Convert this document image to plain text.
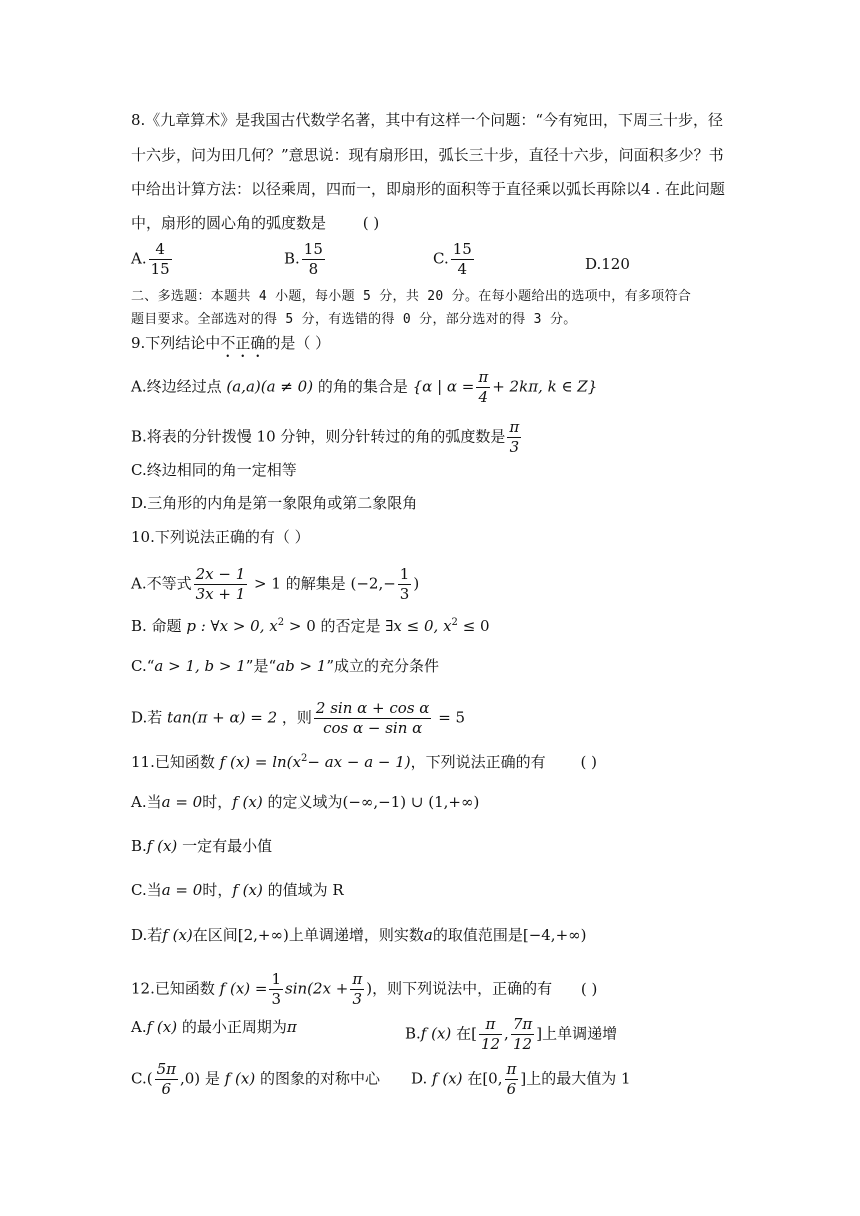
8.《九章算术》是我国古代数学名著，其中有这样一个问题：“今有宛田，下周三十步，径
十六步，问为田几何？”意思说：现有扇形田，弧长三十步，直径十六步，问面积多少？书
中给出计算方法：以径乘周，四而一，即扇形的面积等于直径乘以弧长再除以4 . 在此问题
中，扇形的圆心角的弧度数是 ( )
A. $\frac{4}{15}$	B. $\frac{15}{8}$	C. $\frac{15}{4}$	D.120
二、多选题：本题共 4 小题，每小题 5 分，共 20 分。在每小题给出的选项中，有多项符合
题目要求。全部选对的得 5 分，有选错的得 0 分，部分选对的得 3 分。
9.下列结论中不正确的是（ ）
A.终边经过点 (a,a)(a ≠ 0) 的角的集合是 {α | $\alpha = \frac{\pi}{4} + 2k\pi$, k ∈ Z}
B.将表的分针拨慢 10 分钟，则分针转过的角的弧度数是 $\frac{\pi}{3}$
C.终边相同的角一定相等
D.三角形的内角是第一象限角或第二象限角
10.下列说法正确的有（ ）
A.不等式 $\frac{2x - 1}{3x + 1} > 1$ 的解集是 ($-2,- \frac{1}{3}$ )
B. 命题 p : ∀x > 0, $x^2 > 0$ 的否定是 ∃x ≤ 0, $x^2 \le 0$
C.“a > 1, b > 1”是“ab > 1”成立的充分条件
D.若 tan(π + α) = 2 ，则 $\frac{\text{2 sin α + cos α}}{\text{cos α − sin α}} = 5$
11.已知函数 f $(x) = \ln(x^2-$ ax − a − 1)，下列说法正确的有 ( )
A.当a = 0时，f (x) 的定义域为(−∞,−1) ∪ (1,+∞)
B.f (x) 一定有最小值
C.当a = 0时，f (x) 的值域为 R
D.若f (x)在区间[2,+∞)上单调递增，则实数a的取值范围是[−4,+∞)
12.已知函数 f $(x) = \frac{1}{3} \sin(2x + \frac{\pi}{3}$ )，则下列说法中，正确的有 ( )
A.f (x) 的最小正周期为π	B.f (x) 在[ $\frac{\pi}{12}$ , $\frac{7\pi}{12}$ ]上单调递增
$C.( \frac{5\pi}{6} ,0)$ 是 f (x) 的图象的对称中心 D. f (x) 在[0, $\frac{\pi}{6}$ ]上的最大值为 1
